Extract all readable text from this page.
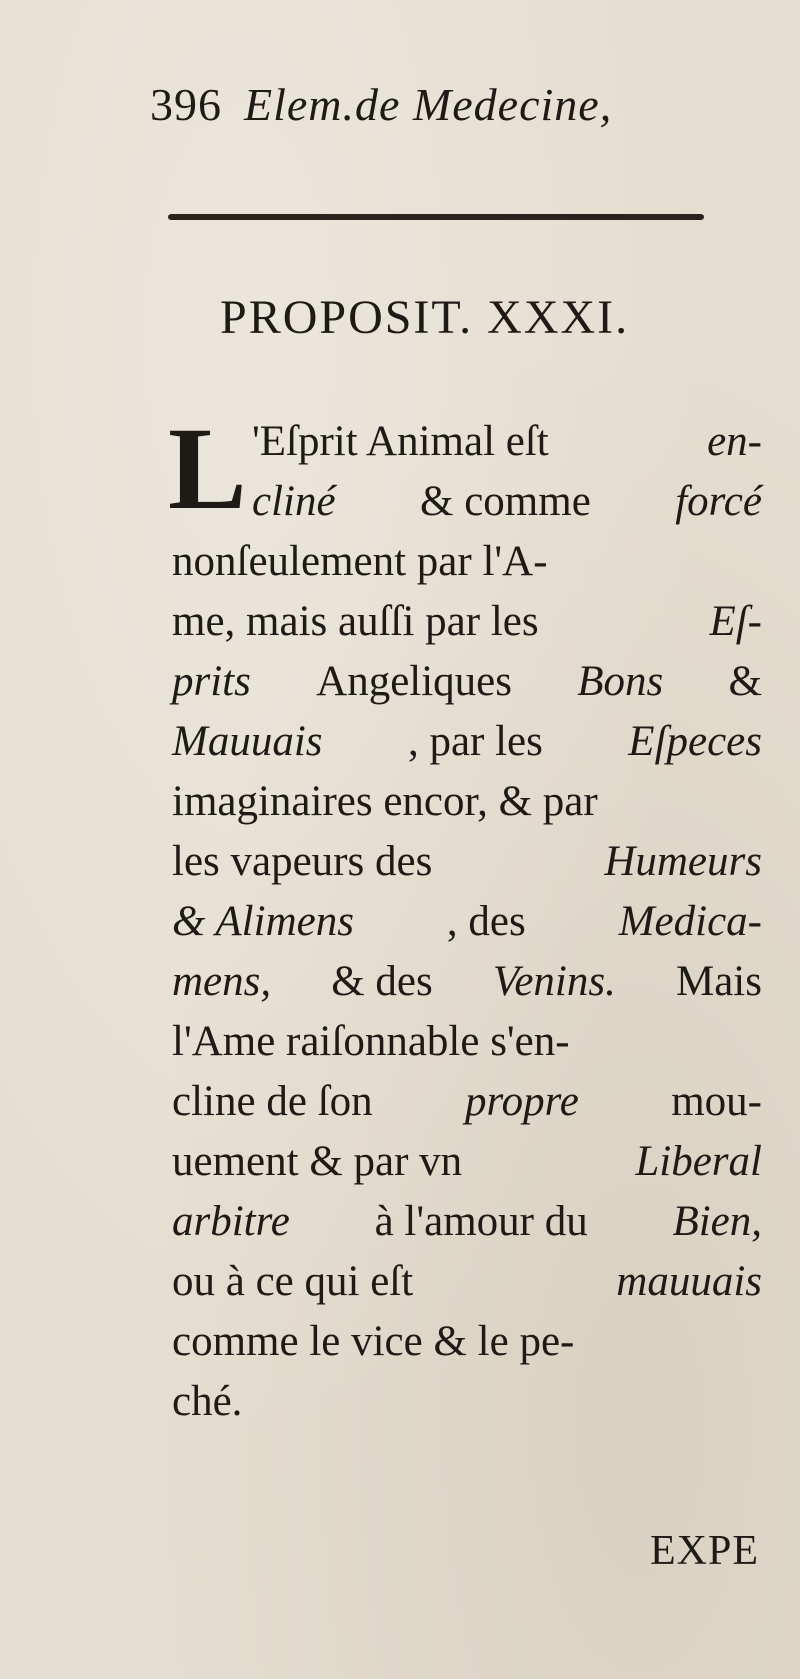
396 Elem.de Medecine,
PROPOSIT. XXXI.
L 'Eſprit Animal eſt	en-
cliné & comme forcé
nonſeulement par l'A-
me, mais auſſi par les	Eſ-
prits Angeliques Bons &
Mauuais , par les Eſpeces
imaginaires encor, & par
les vapeurs des	Humeurs
& Alimens , des Medica-
mens, & des Venins. Mais
l'Ame raiſonnable s'en-
cline de ſon propre mou-
uement & par vn	Liberal
arbitre à l'amour du Bien,
ou à ce qui eſt	mauuais
comme le vice & le pe-
ché.
EXPE
